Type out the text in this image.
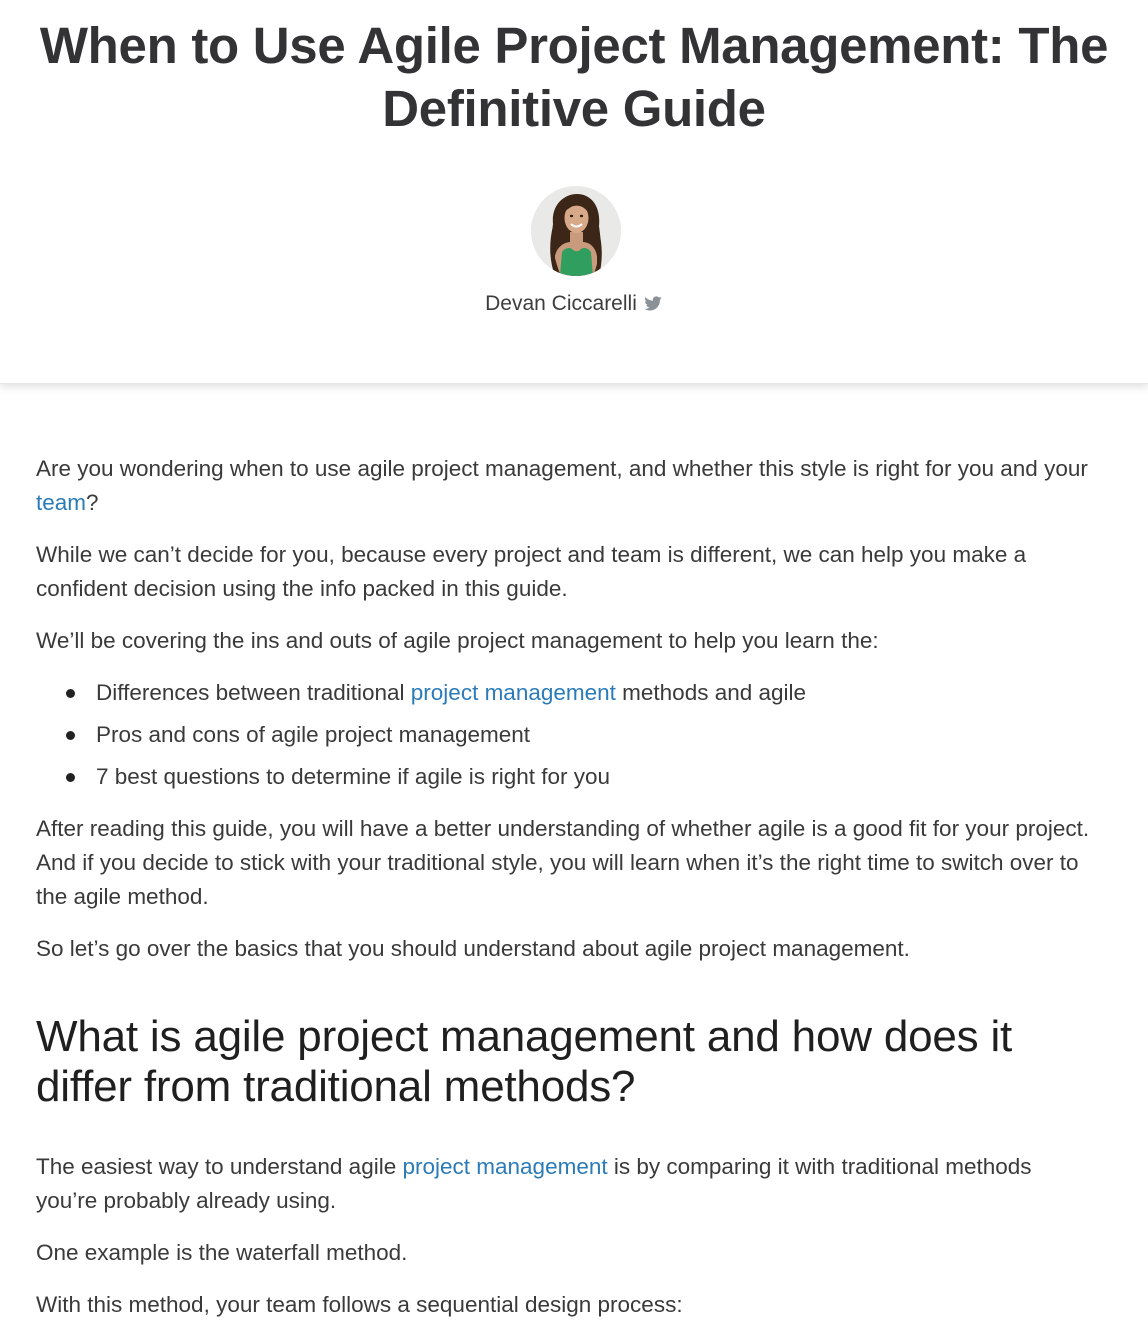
When to Use Agile Project Management: The Definitive Guide
Devan Ciccarelli

Are you wondering when to use agile project management, and whether this style is right for you and your team?

While we can’t decide for you, because every project and team is different, we can help you make a confident decision using the info packed in this guide.

We’ll be covering the ins and outs of agile project management to help you learn the:

Differences between traditional project management methods and agile
Pros and cons of agile project management
7 best questions to determine if agile is right for you

After reading this guide, you will have a better understanding of whether agile is a good fit for your project. And if you decide to stick with your traditional style, you will learn when it’s the right time to switch over to the agile method.

So let’s go over the basics that you should understand about agile project management.

What is agile project management and how does it differ from traditional methods?

The easiest way to understand agile project management is by comparing it with traditional methods you’re probably already using.

One example is the waterfall method.

With this method, your team follows a sequential design process:
